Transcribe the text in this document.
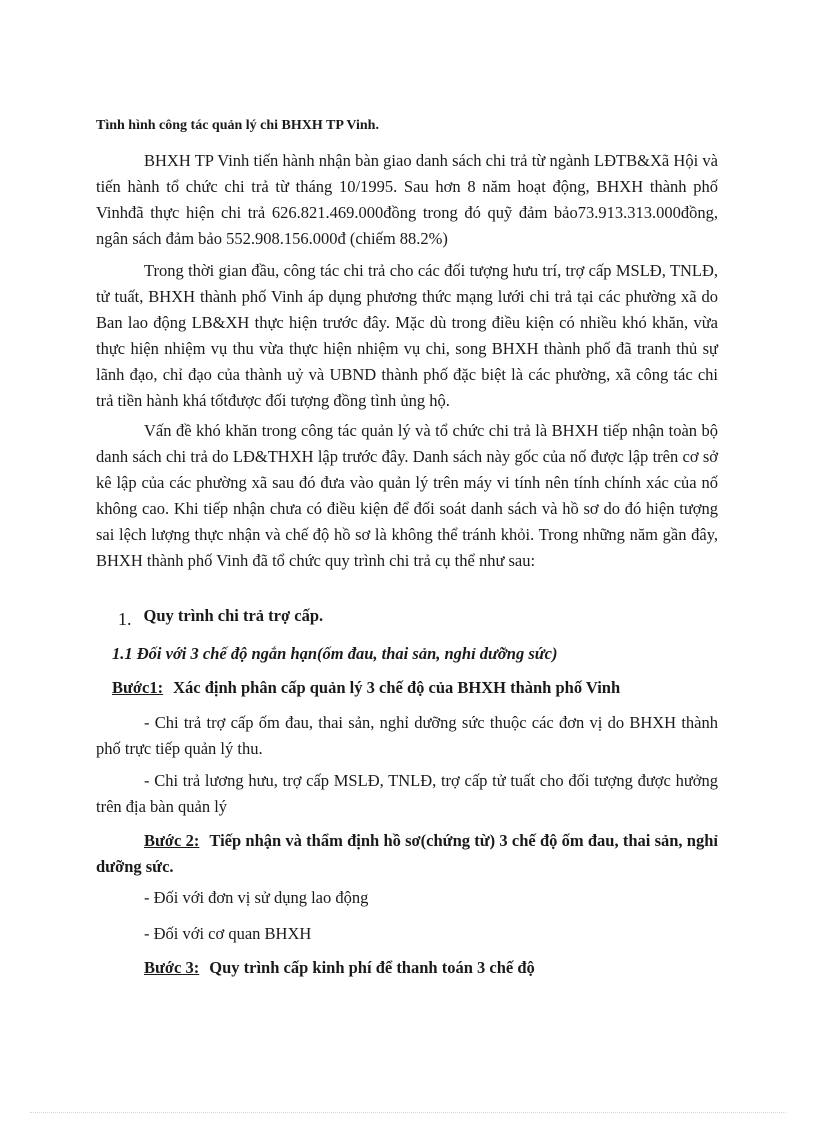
Tình hình công tác quản lý chi BHXH TP Vinh.

BHXH TP Vinh tiến hành nhận bàn giao danh sách chi trả từ ngành LĐTB&Xã Hội và tiến hành tổ chức chi trả từ tháng 10/1995. Sau hơn 8 năm hoạt động, BHXH thành phố Vinhđã thực hiện chi trả 626.821.469.000đồng trong đó quỹ đảm bảo73.913.313.000đồng, ngân sách đảm bảo 552.908.156.000đ (chiếm 88.2%)

Trong thời gian đầu, công tác chi trả cho các đối tượng hưu trí, trợ cấp MSLĐ, TNLĐ, tử tuất, BHXH thành phố Vinh áp dụng phương thức mạng lưới chi trả tại các phường xã do Ban lao động LB&XH thực hiện trước đây. Mặc dù trong điều kiện có nhiều khó khăn, vừa thực hiện nhiệm vụ thu vừa thực hiện nhiệm vụ chi, song BHXH thành phố đã tranh thủ sự lãnh đạo, chỉ đạo của thành uỷ và UBND thành phố đặc biệt là các phường, xã công tác chi trả tiền hành khá tốtđược đối tượng đồng tình ủng hộ.

Vấn đề khó khăn trong công tác quản lý và tổ chức chi trả là BHXH tiếp nhận toàn bộ danh sách chi trả do LĐ&THXH lập trước đây. Danh sách này gốc của nố được lập trên cơ sở kê lập của các phường xã sau đó đưa vào quản lý trên máy vi tính nên tính chính xác của nố không cao. Khi tiếp nhận chưa có điều kiện để đối soát danh sách và hồ sơ do đó hiện tượng sai lệch lượng thực nhận và chế độ hồ sơ là không thể tránh khỏi. Trong những năm gần đây, BHXH thành phố Vinh đã tổ chức quy trình chi trả cụ thể như sau:

1. Quy trình chi trả trợ cấp.

1.1 Đối với 3 chế độ ngắn hạn(ốm đau, thai sản, nghỉ dưỡng sức)

Bước1: Xác định phân cấp quản lý 3 chế độ của BHXH thành phố Vinh

- Chi trả trợ cấp ốm đau, thai sản, nghỉ dưỡng sức thuộc các đơn vị do BHXH thành phố trực tiếp quản lý thu.

- Chi trả lương hưu, trợ cấp MSLĐ, TNLĐ, trợ cấp tử tuất cho đối tượng được hưởng trên địa bàn quản lý

Bước 2: Tiếp nhận và thẩm định hồ sơ(chứng từ) 3 chế độ ốm đau, thai sản, nghỉ dưỡng sức.

- Đối với đơn vị sử dụng lao động

- Đối với cơ quan BHXH

Bước 3: Quy trình cấp kinh phí để thanh toán 3 chế độ
